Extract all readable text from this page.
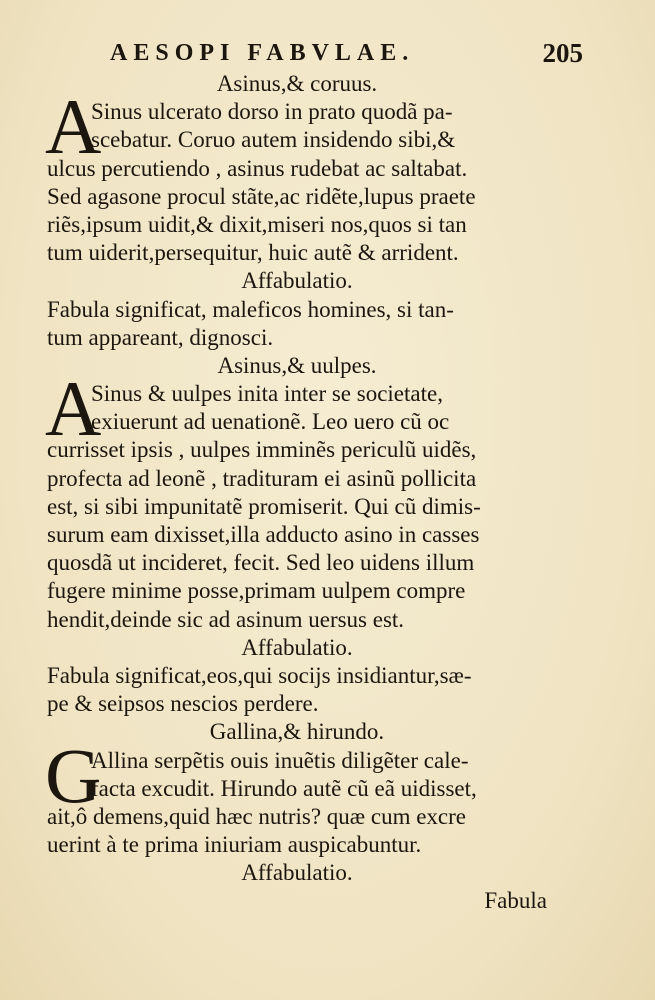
AESOPI FABVLAE.	205
Asinus,& coruus.
A
Sinus ulcerato dorso in prato quodã pa-
scebatur. Coruo autem insidendo sibi,&
ulcus percutiendo , asinus rudebat ac saltabat.
Sed agasone procul stãte,ac ridẽte,lupus praete
riẽs,ipsum uidit,& dixit,miseri nos,quos si tan
tum uiderit,persequitur, huic autẽ & arrident.
Affabulatio.
Fabula significat, maleficos homines, si tan-
tum appareant, dignosci.
Asinus,& uulpes.
A
Sinus & uulpes inita inter se societate,
exiuerunt ad uenationẽ. Leo uero cũ oc
currisset ipsis , uulpes imminẽs periculũ uidẽs,
profecta ad leonẽ , tradituram ei asinũ pollicita
est, si sibi impunitatẽ promiserit. Qui cũ dimis-
surum eam dixisset,illa adducto asino in casses
quosdã ut incideret, fecit. Sed leo uidens illum
fugere minime posse,primam uulpem compre
hendit,deinde sic ad asinum uersus est.
Affabulatio.
Fabula significat,eos,qui socijs insidiantur,sæ-
pe & seipsos nescios perdere.
Gallina,& hirundo.
G
Allina serpẽtis ouis inuẽtis diligẽter cale-
facta excudit. Hirundo autẽ cũ eã uidisset,
ait,ô demens,quid hæc nutris? quæ cum excre
uerint à te prima iniuriam auspicabuntur.
Affabulatio.
Fabula
